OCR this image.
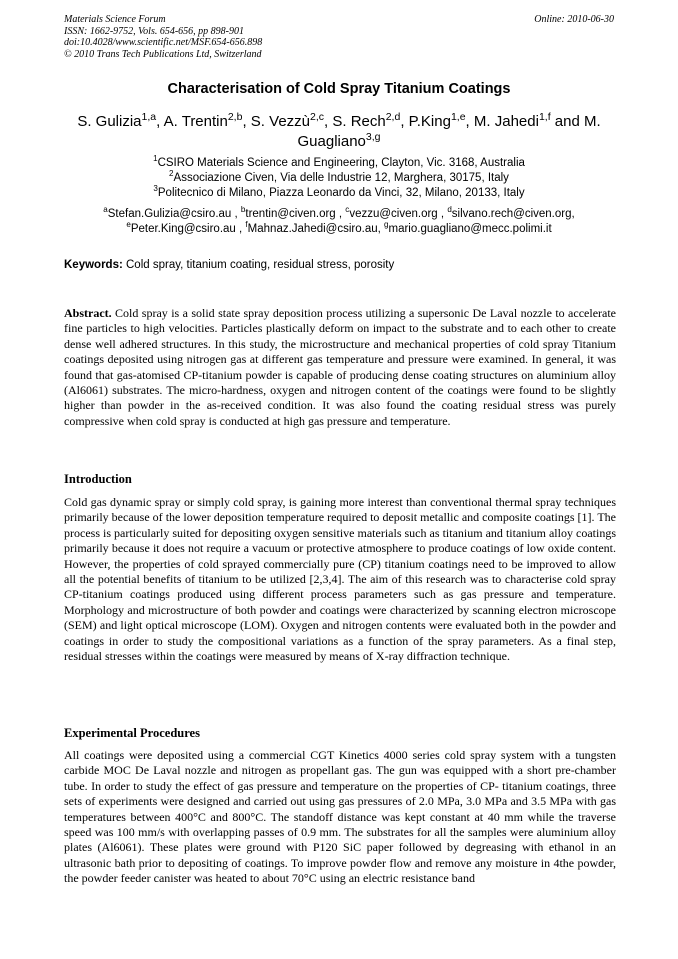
Materials Science Forum
ISSN: 1662-9752, Vols. 654-656, pp 898-901
doi:10.4028/www.scientific.net/MSF.654-656.898
© 2010 Trans Tech Publications Ltd, Switzerland
Online: 2010-06-30
Characterisation of Cold Spray Titanium Coatings
S. Gulizia$^{1,a}$, A. Trentin$^{2,b}$, S. Vezzù$^{2,c}$, S. Rech$^{2,d}$, P.King$^{1,e}$, M. Jahedi$^{1,f}$ and M. Guagliano$^{3,g}$
$^1$CSIRO Materials Science and Engineering, Clayton, Vic. 3168, Australia
$^2$Associazione Civen, Via delle Industrie 12, Marghera, 30175, Italy
$^3$Politecnico di Milano, Piazza Leonardo da Vinci, 32, Milano, 20133, Italy
$^a$Stefan.Gulizia@csiro.au , $^b$trentin@civen.org , $^c$vezzu@civen.org , $^d$silvano.rech@civen.org,
$^e$Peter.King@csiro.au , $^f$Mahnaz.Jahedi@csiro.au, $^g$mario.guagliano@mecc.polimi.it
Keywords: Cold spray, titanium coating, residual stress, porosity

Abstract. Cold spray is a solid state spray deposition process utilizing a supersonic De Laval nozzle to accelerate fine particles to high velocities. Particles plastically deform on impact to the substrate and to each other to create dense well adhered structures. In this study, the microstructure and mechanical properties of cold spray Titanium coatings deposited using nitrogen gas at different gas temperature and pressure were examined. In general, it was found that gas-atomised CP-titanium powder is capable of producing dense coating structures on aluminium alloy (Al6061) substrates. The micro-hardness, oxygen and nitrogen content of the coatings were found to be slightly higher than powder in the as-received condition. It was also found the coating residual stress was purely compressive when cold spray is conducted at high gas pressure and temperature.

Introduction

Cold gas dynamic spray or simply cold spray, is gaining more interest than conventional thermal spray techniques primarily because of the lower deposition temperature required to deposit metallic and composite coatings [1]. The process is particularly suited for depositing oxygen sensitive materials such as titanium and titanium alloy coatings primarily because it does not require a vacuum or protective atmosphere to produce coatings of low oxide content. However, the properties of cold sprayed commercially pure (CP) titanium coatings need to be improved to allow all the potential benefits of titanium to be utilized [2,3,4]. The aim of this research was to characterise cold spray CP-titanium coatings produced using different process parameters such as gas pressure and temperature. Morphology and microstructure of both powder and coatings were characterized by scanning electron microscope (SEM) and light optical microscope (LOM). Oxygen and nitrogen contents were evaluated both in the powder and coatings in order to study the compositional variations as a function of the spray parameters. As a final step, residual stresses within the coatings were measured by means of X-ray diffraction technique.

Experimental Procedures

All coatings were deposited using a commercial CGT Kinetics 4000 series cold spray system with a tungsten carbide MOC De Laval nozzle and nitrogen as propellant gas. The gun was equipped with a short pre-chamber tube. In order to study the effect of gas pressure and temperature on the properties of CP- titanium coatings, three sets of experiments were designed and carried out using gas pressures of 2.0 MPa, 3.0 MPa and 3.5 MPa with gas temperatures between 400°C and 800°C. The standoff distance was kept constant at 40 mm while the traverse speed was 100 mm/s with overlapping passes of 0.9 mm. The substrates for all the samples were aluminium alloy plates (Al6061). These plates were ground with P120 SiC paper followed by degreasing with ethanol in an ultrasonic bath prior to depositing of coatings. To improve powder flow and remove any moisture in 4the powder, the powder feeder canister was heated to about 70°C using an electric resistance band
